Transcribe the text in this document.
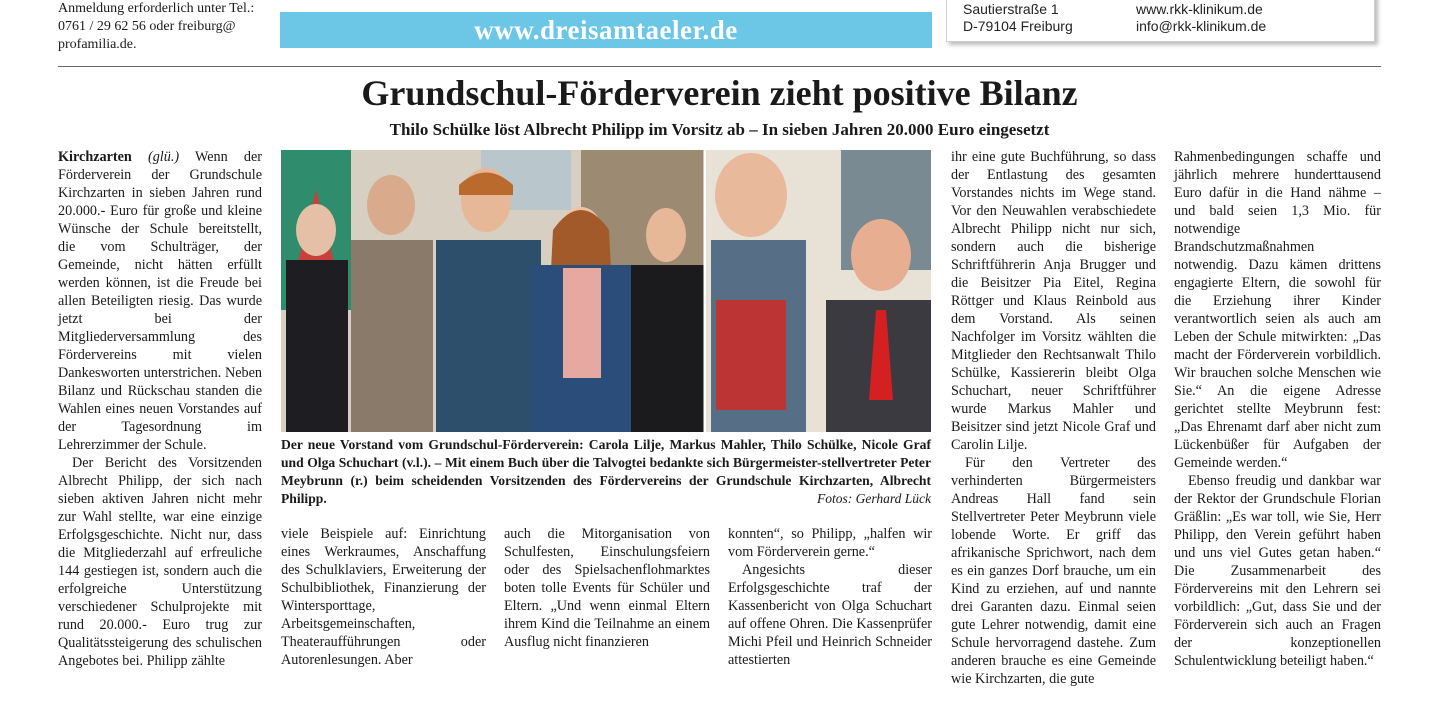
Anmeldung erforderlich unter Tel.: 0761 / 29 62 56 oder freiburg@ profamilia.de.	www.dreisamtaeler.de
Sautierstraße 1
D-79104 Freiburg
www.rkk-klinikum.de
info@rkk-klinikum.de
Grundschul-Förderverein zieht positive Bilanz
Thilo Schülke löst Albrecht Philipp im Vorsitz ab – In sieben Jahren 20.000 Euro eingesetzt

Kirchzarten (glü.) Wenn der Förderverein der Grundschule Kirchzarten in sieben Jahren rund 20.000.- Euro für große und kleine Wünsche der Schule bereitstellt, die vom Schulträger, der Gemeinde, nicht hätten erfüllt werden können, ist die Freude bei allen Beteiligten riesig. Das wurde jetzt bei der Mitgliederversammlung des Fördervereins mit vielen Dankesworten unterstrichen. Neben Bilanz und Rückschau standen die Wahlen eines neuen Vorstandes auf der Tagesordnung im Lehrerzimmer der Schule.

Der Bericht des Vorsitzenden Albrecht Philipp, der sich nach sieben aktiven Jahren nicht mehr zur Wahl stellte, war eine einzige Erfolgsgeschichte. Nicht nur, dass die Mitgliederzahl auf erfreuliche 144 gestiegen ist, sondern auch die erfolgreiche Unterstützung verschiedener Schulprojekte mit rund 20.000.- Euro trug zur Qualitätssteigerung des schulischen Angebotes bei. Philipp zählte

Der neue Vorstand vom Grundschul-Förderverein: Carola Lilje, Markus Mahler, Thilo Schülke, Nicole Graf und Olga Schuchart (v.l.). – Mit einem Buch über die Talvogtei bedankte sich Bürgermeister-stellvertreter Peter Meybrunn (r.) beim scheidenden Vorsitzenden des Fördervereins der Grundschule Kirchzarten, Albrecht Philipp.	Fotos: Gerhard Lück

viele Beispiele auf: Einrichtung eines Werkraumes, Anschaffung des Schulklaviers, Erweiterung der Schulbibliothek, Finanzierung der Wintersporttage, Arbeitsgemeinschaften, Theateraufführungen oder Autorenlesungen. Aber

auch die Mitorganisation von Schulfesten, Einschulungsfeiern oder des Spielsachenflohmarktes boten tolle Events für Schüler und Eltern. „Und wenn einmal Eltern ihrem Kind die Teilnahme an einem Ausflug nicht finanzieren

konnten“, so Philipp, „halfen wir vom Förderverein gerne.“

Angesichts dieser Erfolgsgeschichte traf der Kassenbericht von Olga Schuchart auf offene Ohren. Die Kassenprüfer Michi Pfeil und Heinrich Schneider attestierten

ihr eine gute Buchführung, so dass der Entlastung des gesamten Vorstandes nichts im Wege stand. Vor den Neuwahlen verabschiedete Albrecht Philipp nicht nur sich, sondern auch die bisherige Schriftführerin Anja Brugger und die Beisitzer Pia Eitel, Regina Röttger und Klaus Reinbold aus dem Vorstand. Als seinen Nachfolger im Vorsitz wählten die Mitglieder den Rechtsanwalt Thilo Schülke, Kassiererin bleibt Olga Schuchart, neuer Schriftführer wurde Markus Mahler und Beisitzer sind jetzt Nicole Graf und Carolin Lilje.

Für den Vertreter des verhinderten Bürgermeisters Andreas Hall fand sein Stellvertreter Peter Meybrunn viele lobende Worte. Er griff das afrikanische Sprichwort, nach dem es ein ganzes Dorf brauche, um ein Kind zu erziehen, auf und nannte drei Garanten dazu. Einmal seien gute Lehrer notwendig, damit eine Schule hervorragend dastehe. Zum anderen brauche es eine Gemeinde wie Kirchzarten, die gute

Rahmenbedingungen schaffe und jährlich mehrere hunderttausend Euro dafür in die Hand nähme – und bald seien 1,3 Mio. für notwendige Brandschutzmaßnahmen notwendig. Dazu kämen drittens engagierte Eltern, die sowohl für die Erziehung ihrer Kinder verantwortlich seien als auch am Leben der Schule mitwirkten: „Das macht der Förderverein vorbildlich. Wir brauchen solche Menschen wie Sie.“ An die eigene Adresse gerichtet stellte Meybrunn fest: „Das Ehrenamt darf aber nicht zum Lückenbüßer für Aufgaben der Gemeinde werden.“

Ebenso freudig und dankbar war der Rektor der Grundschule Florian Gräßlin: „Es war toll, wie Sie, Herr Philipp, den Verein geführt haben und uns viel Gutes getan haben.“ Die Zusammenarbeit des Fördervereins mit den Lehrern sei vorbildlich: „Gut, dass Sie und der Förderverein sich auch an Fragen der konzeptionellen Schulentwicklung beteiligt haben.“
